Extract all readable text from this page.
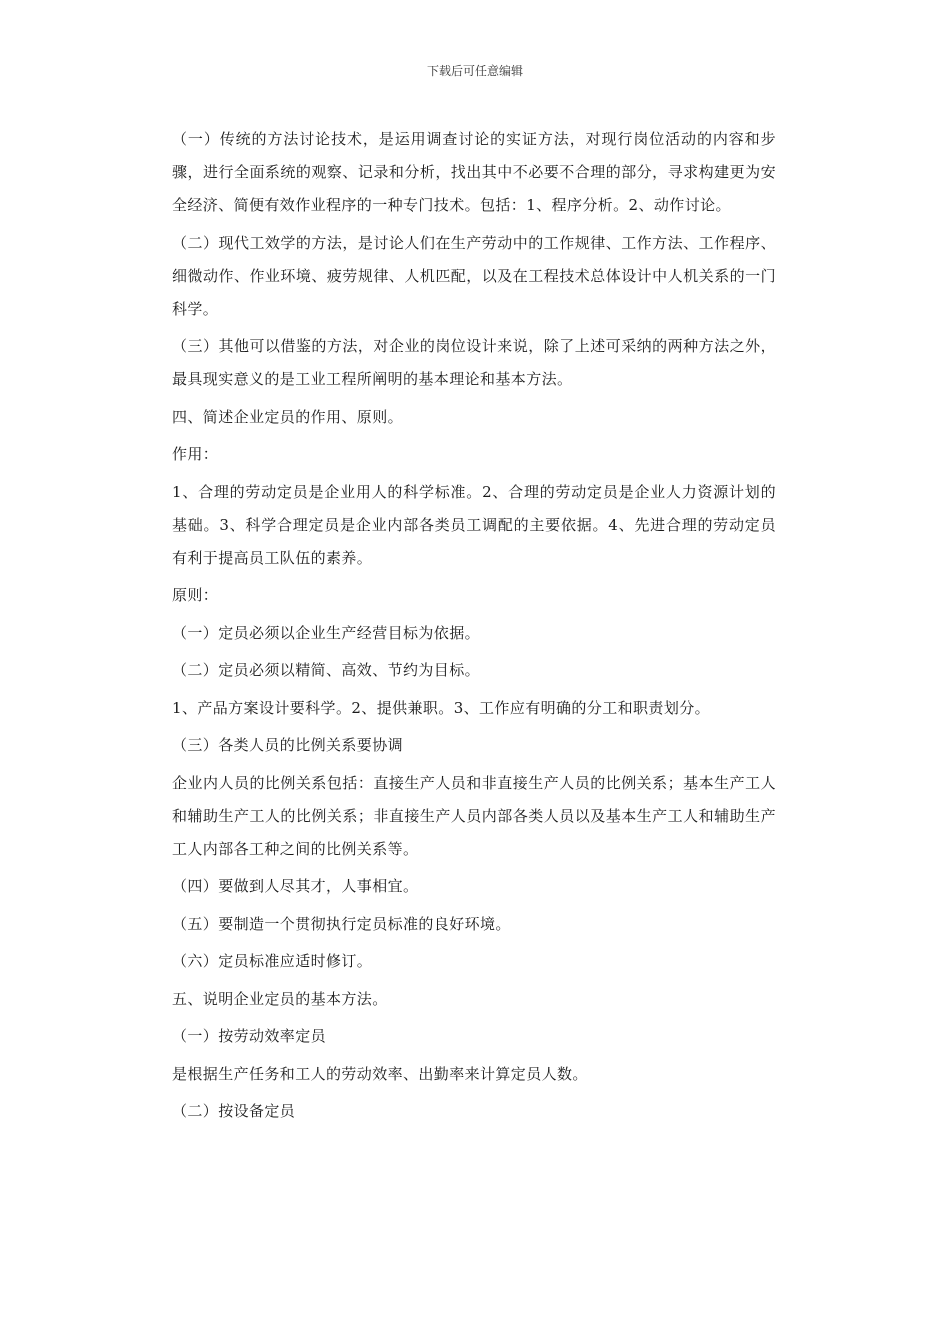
下载后可任意编辑

（一）传统的方法讨论技术，是运用调查讨论的实证方法，对现行岗位活动的内容和步骤，进行全面系统的观察、记录和分析，找出其中不必要不合理的部分，寻求构建更为安全经济、简便有效作业程序的一种专门技术。包括：1、程序分析。2、动作讨论。

（二）现代工效学的方法，是讨论人们在生产劳动中的工作规律、工作方法、工作程序、细微动作、作业环境、疲劳规律、人机匹配，以及在工程技术总体设计中人机关系的一门科学。

（三）其他可以借鉴的方法，对企业的岗位设计来说，除了上述可采纳的两种方法之外，最具现实意义的是工业工程所阐明的基本理论和基本方法。

四、简述企业定员的作用、原则。

作用：

1、合理的劳动定员是企业用人的科学标准。2、合理的劳动定员是企业人力资源计划的基础。3、科学合理定员是企业内部各类员工调配的主要依据。4、先进合理的劳动定员有利于提高员工队伍的素养。

原则：

（一）定员必须以企业生产经营目标为依据。

（二）定员必须以精简、高效、节约为目标。

1、产品方案设计要科学。2、提供兼职。3、工作应有明确的分工和职责划分。

（三）各类人员的比例关系要协调

企业内人员的比例关系包括：直接生产人员和非直接生产人员的比例关系；基本生产工人和辅助生产工人的比例关系；非直接生产人员内部各类人员以及基本生产工人和辅助生产工人内部各工种之间的比例关系等。

（四）要做到人尽其才，人事相宜。

（五）要制造一个贯彻执行定员标准的良好环境。

（六）定员标准应适时修订。

五、说明企业定员的基本方法。

（一）按劳动效率定员

是根据生产任务和工人的劳动效率、出勤率来计算定员人数。

（二）按设备定员
